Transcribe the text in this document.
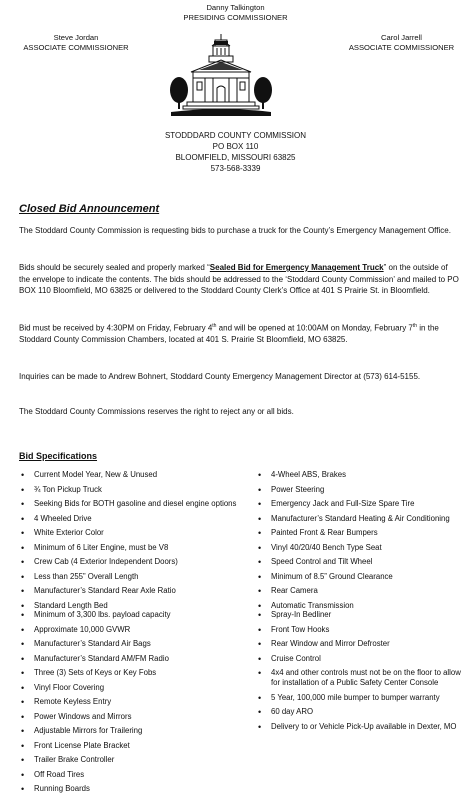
Danny Talkington
PRESIDING COMMISSIONER
Steve Jordan
ASSOCIATE COMMISSIONER
Carol Jarrell
ASSOCIATE COMMISSIONER
STODDDARD COUNTY COMMISSION
PO BOX 110
BLOOMFIELD, MISSOURI 63825
573-568-3339
Closed Bid Announcement
The Stoddard County Commission is requesting bids to purchase a truck for the County’s Emergency Management Office.
Bids should be securely sealed and properly marked “Sealed Bid for Emergency Management Truck” on the outside of the envelope to indicate the contents. The bids should be addressed to the ‘Stoddard County Commission’ and mailed to PO BOX 110 Bloomfield, MO 63825 or delivered to the Stoddard County Clerk’s Office at 401 S Prairie St. in Bloomfield.
Bid must be received by 4:30PM on Friday, February 4th and will be opened at 10:00AM on Monday, February 7th in the Stoddard County Commission Chambers, located at 401 S. Prairie St Bloomfield, MO 63825.
Inquiries can be made to Andrew Bohnert, Stoddard County Emergency Management Director at (573) 614-5155.
The Stoddard County Commissions reserves the right to reject any or all bids.
Bid Specifications
• Current Model Year, New & Unused
• ¾ Ton Pickup Truck
• Seeking Bids for BOTH gasoline and diesel engine options
• 4 Wheeled Drive
• White Exterior Color
• Minimum of 6 Liter Engine, must be V8
• Crew Cab (4 Exterior Independent Doors)
• Less than 255” Overall Length
• Manufacturer’s Standard Rear Axle Ratio
• Standard Length Bed
• 4-Wheel ABS, Brakes
• Power Steering
• Emergency Jack and Full-Size Spare Tire
• Manufacturer’s Standard Heating & Air Conditioning
• Painted Front & Rear Bumpers
• Vinyl 40/20/40 Bench Type Seat
• Speed Control and Tilt Wheel
• Minimum of 8.5” Ground Clearance
• Rear Camera
• Automatic Transmission
• Minimum of 3,300 lbs. payload capacity
• Approximate 10,000 GVWR
• Manufacturer’s Standard Air Bags
• Manufacturer’s Standard AM/FM Radio
• Three (3) Sets of Keys or Key Fobs
• Vinyl Floor Covering
• Remote Keyless Entry
• Power Windows and Mirrors
• Adjustable Mirrors for Trailering
• Front License Plate Bracket
• Trailer Brake Controller
• Off Road Tires
• Running Boards
• Spray-In Bedliner
• Front Tow Hooks
• Rear Window and Mirror Defroster
• Cruise Control
• 4x4 and other controls must not be on the floor to allow for installation of a Public Safety Center Console
• 5 Year, 100,000 mile bumper to bumper warranty
• 60 day ARO
• Delivery to or Vehicle Pick-Up available in Dexter, MO
